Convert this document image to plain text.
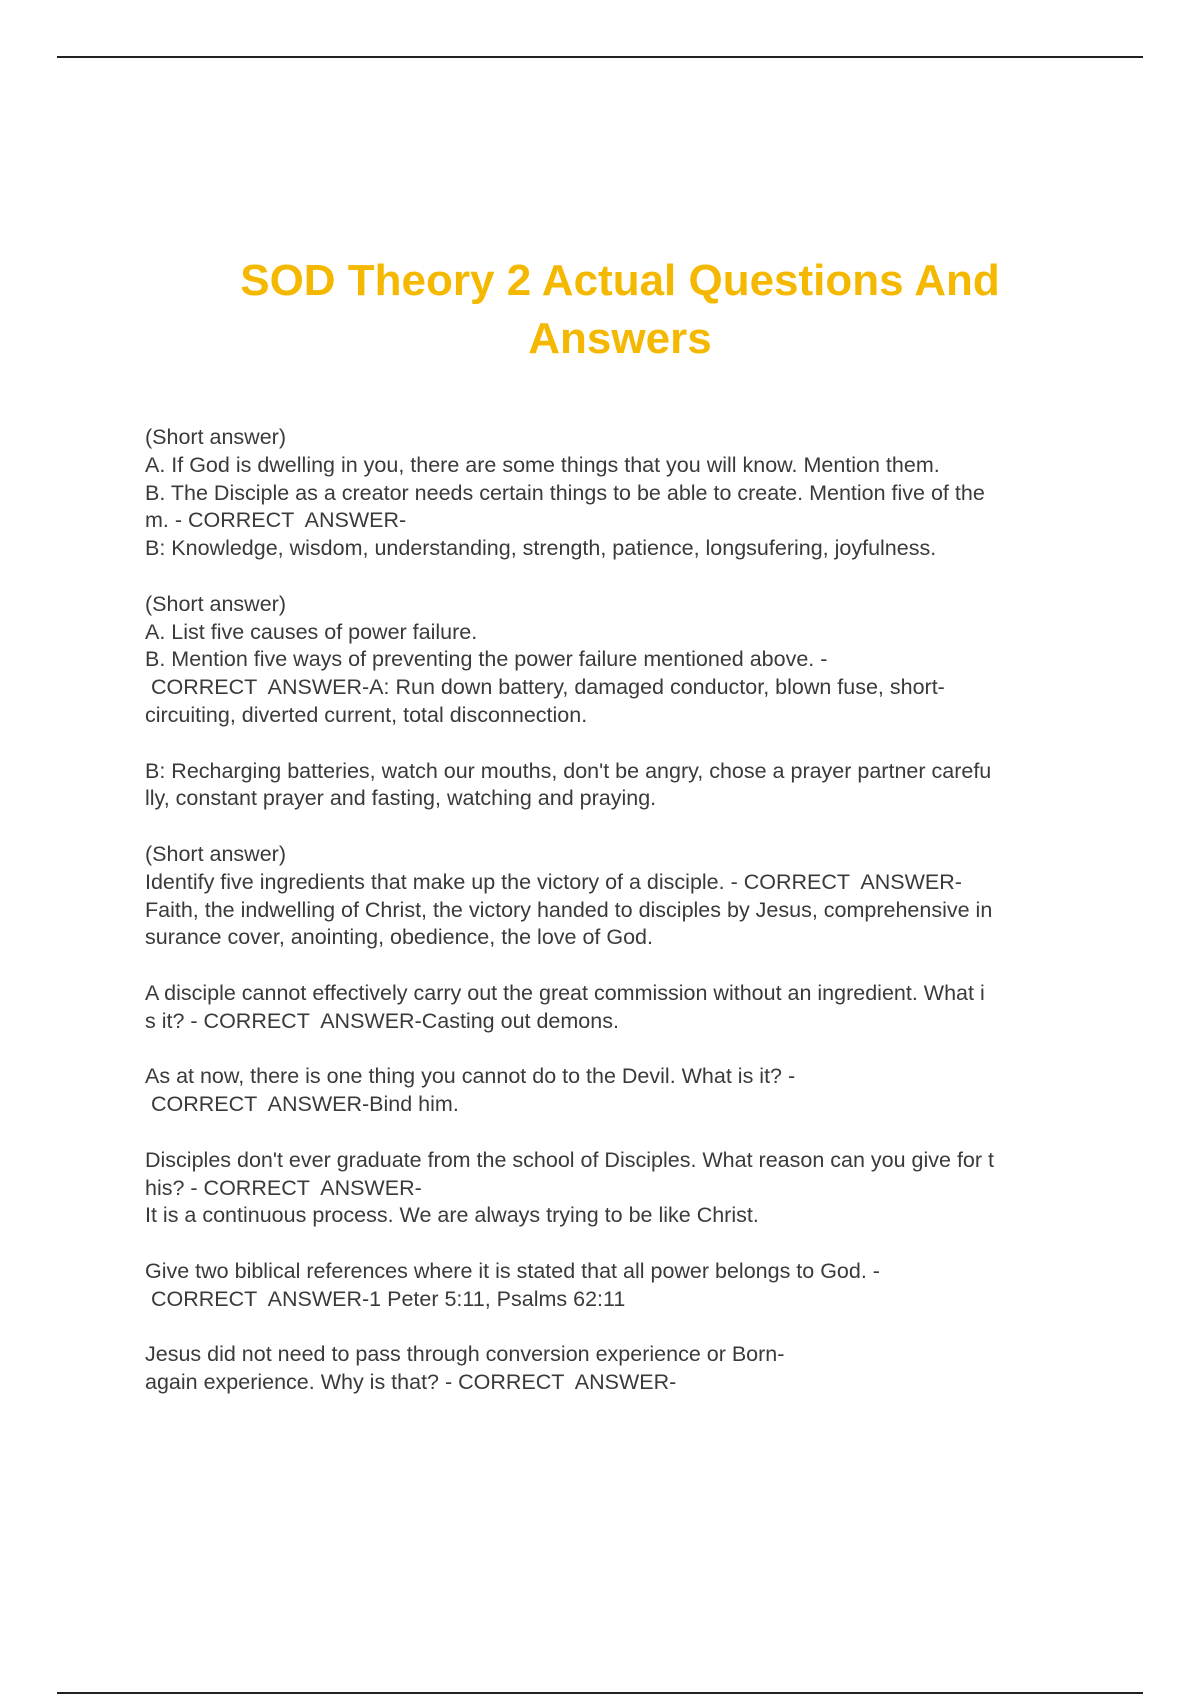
SOD Theory 2 Actual Questions And
Answers
(Short answer)
A. If God is dwelling in you, there are some things that you will know. Mention them.
B. The Disciple as a creator needs certain things to be able to create. Mention five of the
m. - CORRECT  ANSWER-
B: Knowledge, wisdom, understanding, strength, patience, longsufering, joyfulness.
(Short answer)
A. List five causes of power failure.
B. Mention five ways of preventing the power failure mentioned above. -
CORRECT  ANSWER-A: Run down battery, damaged conductor, blown fuse, short-
circuiting, diverted current, total disconnection.
B: Recharging batteries, watch our mouths, don't be angry, chose a prayer partner carefu
lly, constant prayer and fasting, watching and praying.
(Short answer)
Identify five ingredients that make up the victory of a disciple. - CORRECT  ANSWER-
Faith, the indwelling of Christ, the victory handed to disciples by Jesus, comprehensive in
surance cover, anointing, obedience, the love of God.
A disciple cannot effectively carry out the great commission without an ingredient. What i
s it? - CORRECT  ANSWER-Casting out demons.
As at now, there is one thing you cannot do to the Devil. What is it? -
CORRECT  ANSWER-Bind him.
Disciples don't ever graduate from the school of Disciples. What reason can you give for t
his? - CORRECT  ANSWER-
It is a continuous process. We are always trying to be like Christ.
Give two biblical references where it is stated that all power belongs to God. -
CORRECT  ANSWER-1 Peter 5:11, Psalms 62:11
Jesus did not need to pass through conversion experience or Born-
again experience. Why is that? - CORRECT  ANSWER-
